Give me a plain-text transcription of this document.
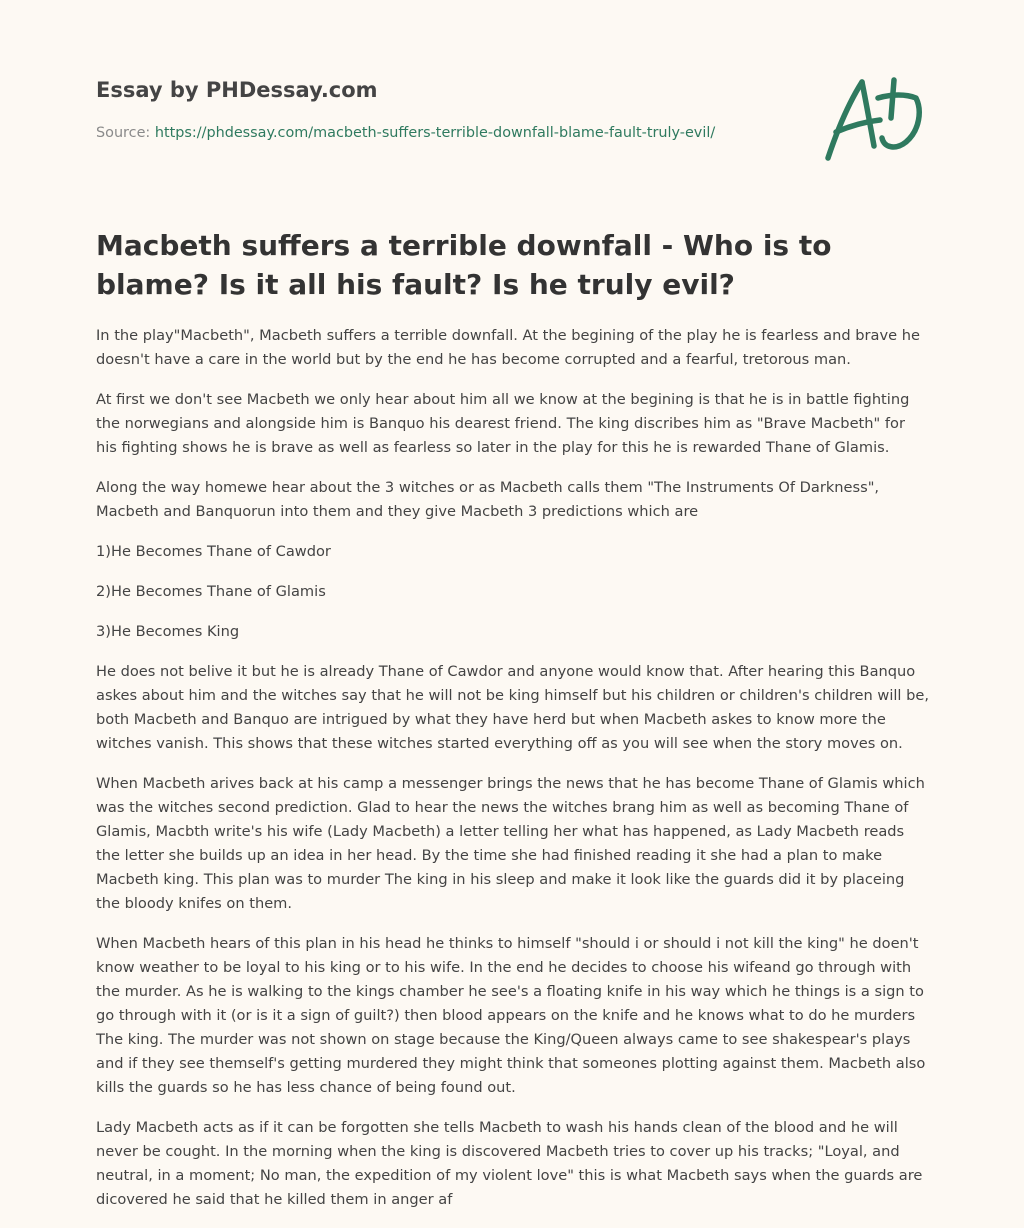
Essay by PHDessay.com
Source: https://phdessay.com/macbeth-suffers-terrible-downfall-blame-fault-truly-evil/
Macbeth suffers a terrible downfall - Who is to blame? Is it all his fault? Is he truly evil?

In the play"Macbeth", Macbeth suffers a terrible downfall. At the begining of the play he is fearless and brave he doesn't have a care in the world but by the end he has become corrupted and a fearful, tretorous man.

At first we don't see Macbeth we only hear about him all we know at the begining is that he is in battle fighting the norwegians and alongside him is Banquo his dearest friend. The king discribes him as "Brave Macbeth" for his fighting shows he is brave as well as fearless so later in the play for this he is rewarded Thane of Glamis.

Along the way homewe hear about the 3 witches or as Macbeth calls them "The Instruments Of Darkness", Macbeth and Banquorun into them and they give Macbeth 3 predictions which are

1)He Becomes Thane of Cawdor

2)He Becomes Thane of Glamis

3)He Becomes King

He does not belive it but he is already Thane of Cawdor and anyone would know that. After hearing this Banquo askes about him and the witches say that he will not be king himself but his children or children's children will be, both Macbeth and Banquo are intrigued by what they have herd but when Macbeth askes to know more the witches vanish. This shows that these witches started everything off as you will see when the story moves on.

When Macbeth arives back at his camp a messenger brings the news that he has become Thane of Glamis which was the witches second prediction. Glad to hear the news the witches brang him as well as becoming Thane of Glamis, Macbth write's his wife (Lady Macbeth) a letter telling her what has happened, as Lady Macbeth reads the letter she builds up an idea in her head. By the time she had finished reading it she had a plan to make Macbeth king. This plan was to murder The king in his sleep and make it look like the guards did it by placeing the bloody knifes on them.

When Macbeth hears of this plan in his head he thinks to himself "should i or should i not kill the king" he doen't know weather to be loyal to his king or to his wife. In the end he decides to choose his wifeand go through with the murder. As he is walking to the kings chamber he see's a floating knife in his way which he things is a sign to go through with it (or is it a sign of guilt?) then blood appears on the knife and he knows what to do he murders The king. The murder was not shown on stage because the King/Queen always came to see shakespear's plays and if they see themself's getting murdered they might think that someones plotting against them. Macbeth also kills the guards so he has less chance of being found out.

Lady Macbeth acts as if it can be forgotten she tells Macbeth to wash his hands clean of the blood and he will never be cought. In the morning when the king is discovered Macbeth tries to cover up his tracks; "Loyal, and neutral, in a moment; No man, the expedition of my violent love" this is what Macbeth says when the guards are dicovered he said that he killed them in anger af
